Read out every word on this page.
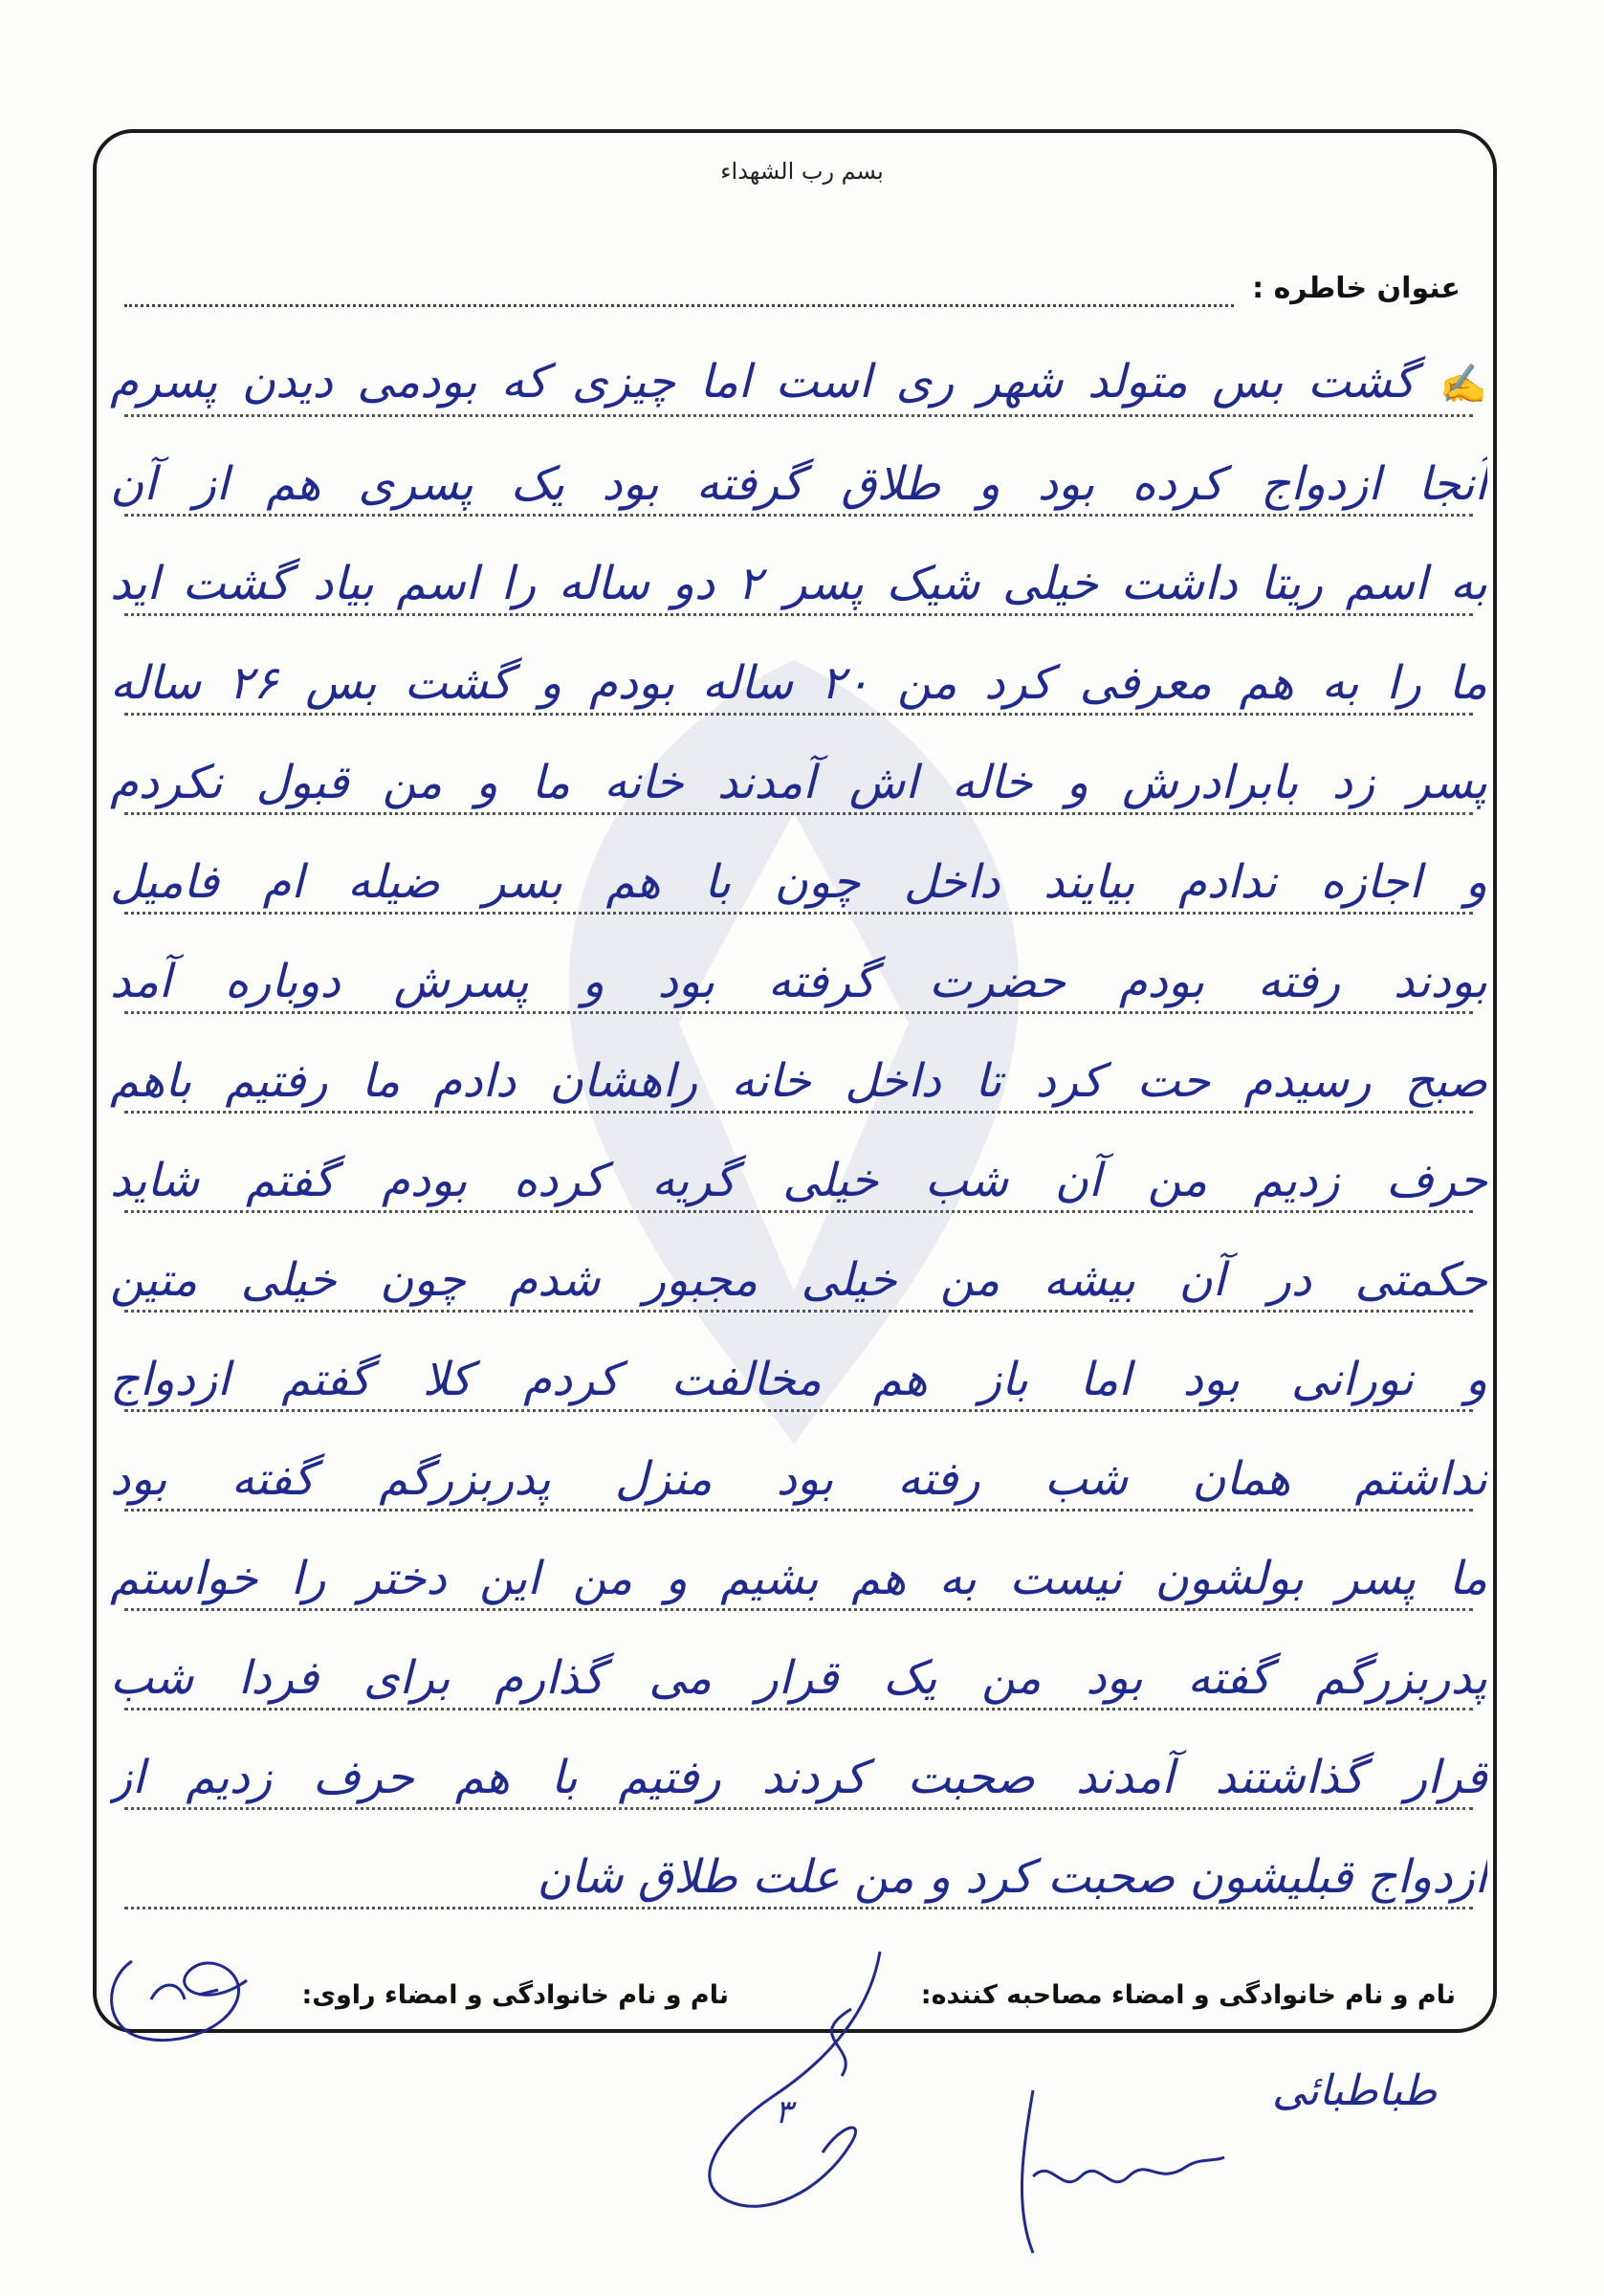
بسم رب الشهداء
عنوان خاطره :
✍ گشت بس متولد شهر ری است اما چیزی که بودمی دیدن پسرم
آنجا ازدواج کرده بود و طلاق گرفته بود یک پسری هم از آن
به اسم ریتا داشت خیلی شیک پسر ۲ دو ساله را اسم بیاد گشت اید
ما را به هم معرفی کرد من ۲۰ ساله بودم و گشت بس ۲۶ ساله
پسر زد بابرادرش و خاله اش آمدند خانه ما و من قبول نکردم
و اجازه ندادم بیایند داخل چون با هم بسر ضیله ام فامیل
بودند رفته بودم حضرت گرفته بود و پسرش دوباره آمد
صبح رسیدم حت کرد تا داخل خانه راهشان دادم ما رفتیم باهم
حرف زدیم من آن شب خیلی گریه کرده بودم گفتم شاید
حکمتی در آن بیشه من خیلی مجبور شدم چون خیلی متین
و نورانی بود اما باز هم مخالفت کردم کلا گفتم ازدواج
نداشتم همان شب رفته بود منزل پدربزرگم گفته بود
ما پسر بولشون نیست به هم بشیم و من این دختر را خواستم
پدربزرگم گفته بود من یک قرار می گذارم برای فردا شب
قرار گذاشتند آمدند صحبت کردند رفتیم با هم حرف زدیم از
ازدواج قبلیشون صحبت کرد و من علت طلاق شان
نام و نام خانوادگی و امضاء مصاحبه کننده:
نام و نام خانوادگی و امضاء راوی:
۳	طباطبائی
